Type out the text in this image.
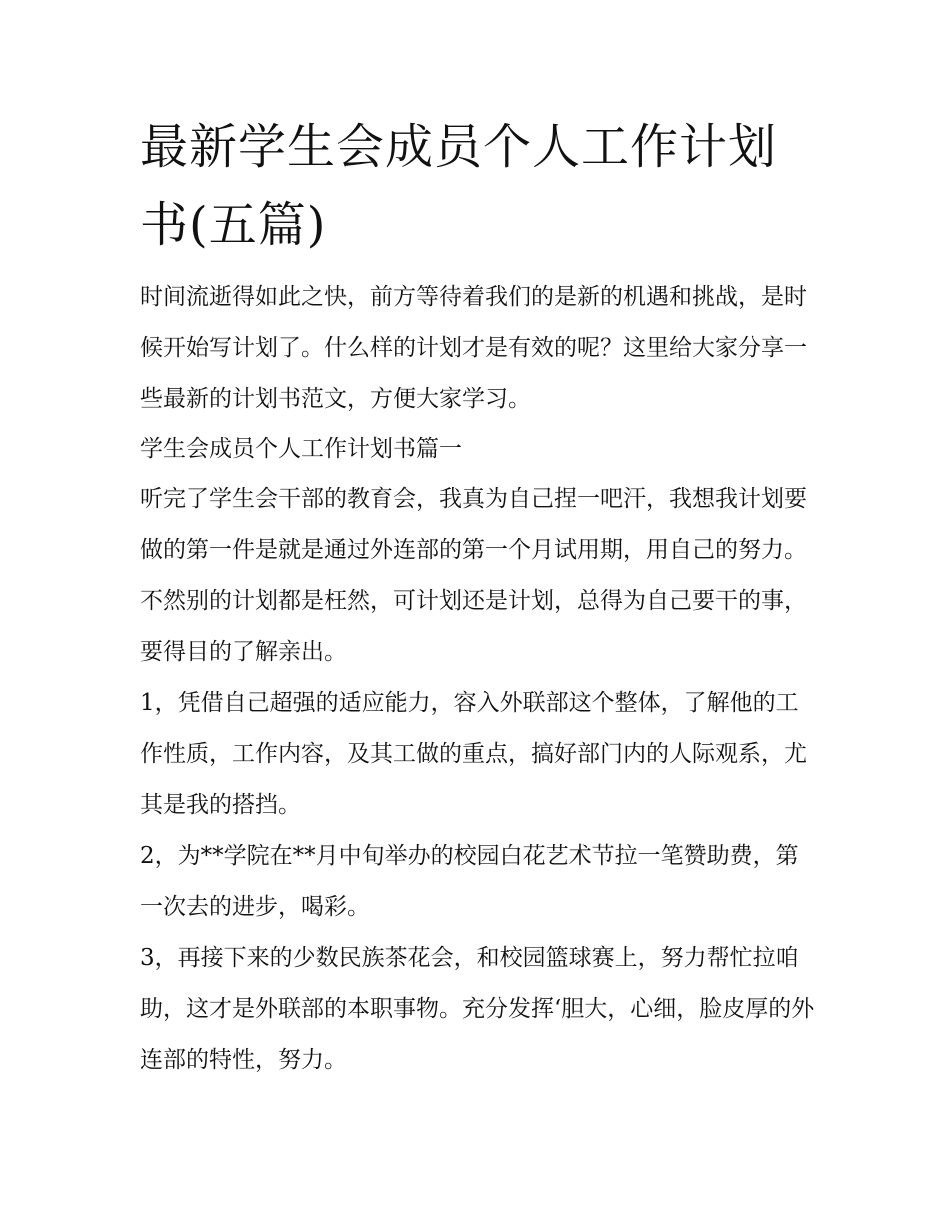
最新学生会成员个人工作计划书(五篇)

时间流逝得如此之快，前方等待着我们的是新的机遇和挑战，是时候开始写计划了。什么样的计划才是有效的呢？这里给大家分享一些最新的计划书范文，方便大家学习。

学生会成员个人工作计划书篇一

听完了学生会干部的教育会，我真为自己捏一吧汗，我想我计划要做的第一件是就是通过外连部的第一个月试用期，用自己的努力。不然别的计划都是枉然，可计划还是计划，总得为自己要干的事，要得目的了解亲出。

1，凭借自己超强的适应能力，容入外联部这个整体，了解他的工作性质，工作内容，及其工做的重点，搞好部门内的人际观系，尤其是我的搭挡。

2，为**学院在**月中旬举办的校园白花艺术节拉一笔赞助费，第一次去的进步，喝彩。

3，再接下来的少数民族茶花会，和校园篮球赛上，努力帮忙拉咱助，这才是外联部的本职事物。充分发挥‘胆大，心细，脸皮厚的外连部的特性，努力。
